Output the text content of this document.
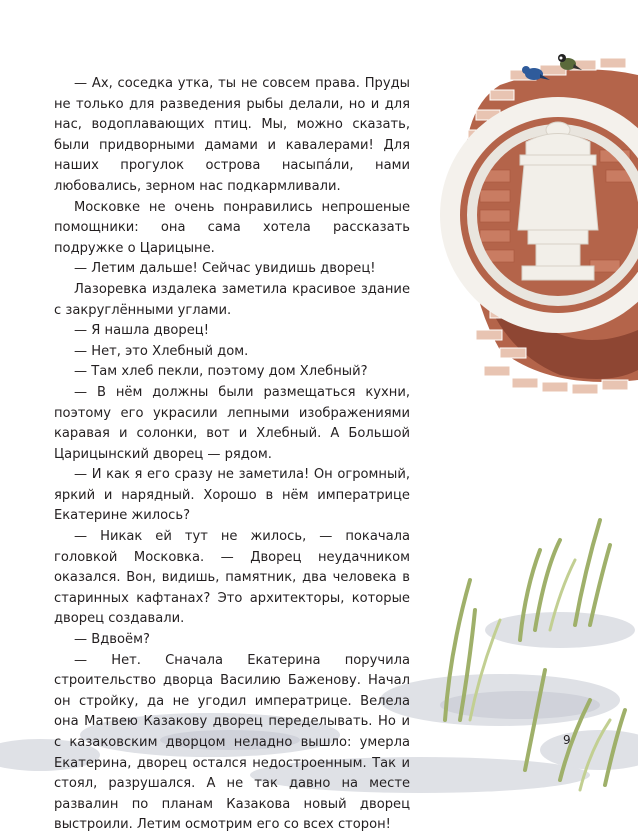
— Ах, соседка утка, ты не совсем права. Пруды не только для разведения рыбы делали, но и для нас, водоплавающих птиц. Мы, можно сказать, были придворными дамами и кавалерами! Для наших прогулок острова насыпа́ли, нами любовались, зерном нас подкармливали.

Московке не очень понравились непрошеные помощники: она сама хотела рассказать подружке о Царицыне.

— Летим дальше! Сейчас увидишь дворец!

Лазоревка издалека заметила красивое здание с закруглёнными углами.

— Я нашла дворец!

— Нет, это Хлебный дом.

— Там хлеб пекли, поэтому дом Хлебный?

— В нём должны были размещаться кухни, поэтому его украсили лепными изображениями каравая и солонки, вот и Хлебный. А Большой Царицынский дворец — рядом.

— И как я его сразу не заметила! Он огромный, яркий и нарядный. Хорошо в нём императрице Екатерине жилось?

— Никак ей тут не жилось, — покачала головкой Московка. — Дворец неудачником оказался. Вон, видишь, памятник, два человека в старинных кафтанах? Это архитекторы, которые дворец создавали.

— Вдвоём?

— Нет. Сначала Екатерина поручила строительство дворца Василию Баженову. Начал он стройку, да не угодил императрице. Велела она Матвею Казакову дворец переделывать. Но и с казаковским дворцом неладно вышло: умерла Екатерина, дворец остался недостроенным. Так и стоял, разрушался. А не так давно на месте развалин по планам Казакова новый дворец выстроили. Летим осмотрим его со всех сторон!

9
